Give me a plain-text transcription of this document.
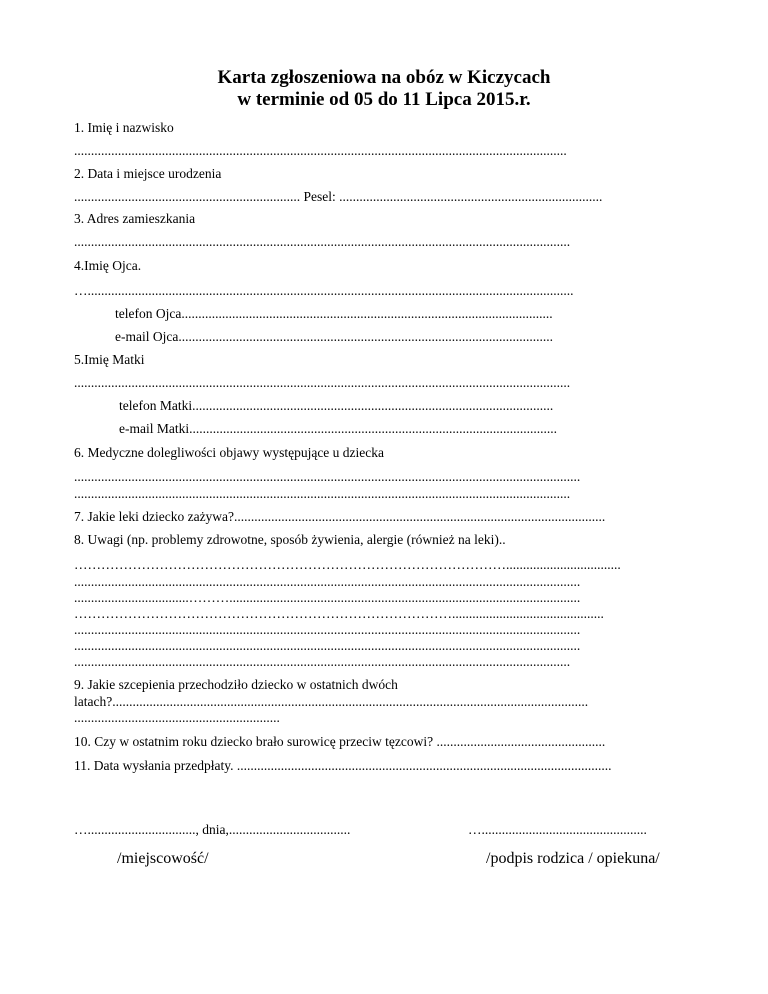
Karta zgłoszeniowa na obóz w Kiczycach
w terminie od 05 do 11 Lipca 2015.r.
1. Imię i nazwisko
..................................................................................................................................................
2. Data i miejsce urodzenia
................................................................... Pesel: ..............................................................................
3. Adres zamieszkania
...................................................................................................................................................
4.Imię Ojca.
…................................................................................................................................................
telefon Ojca..............................................................................................................
e-mail Ojca...............................................................................................................
5.Imię Matki
...................................................................................................................................................
telefon Matki...........................................................................................................
e-mail Matki.............................................................................................................
6. Medyczne dolegliwości objawy występujące u dziecka
......................................................................................................................................................
...................................................................................................................................................
7. Jakie leki dziecko zażywa?..............................................................................................................
8. Uwagi (np. problemy zdrowotne, sposób żywienia, alergie (również na leki)..
……………………………………………………………………………………..................................
......................................................................................................................................................
..................................………........................................................................................................
………………………………………………………………………….............................................
......................................................................................................................................................
......................................................................................................................................................
...................................................................................................................................................
9. Jakie szcepienia przechodziło dziecko w ostatnich dwóch
latach?.............................................................................................................................................
.............................................................
10. Czy w ostatnim roku dziecko brało surowicę przeciw tęzcowi? ..................................................
11. Data wysłania przedpłaty. ...............................................................................................................
…................................, dnia,....................................	….................................................
/miejscowość/	/podpis rodzica / opiekuna/
